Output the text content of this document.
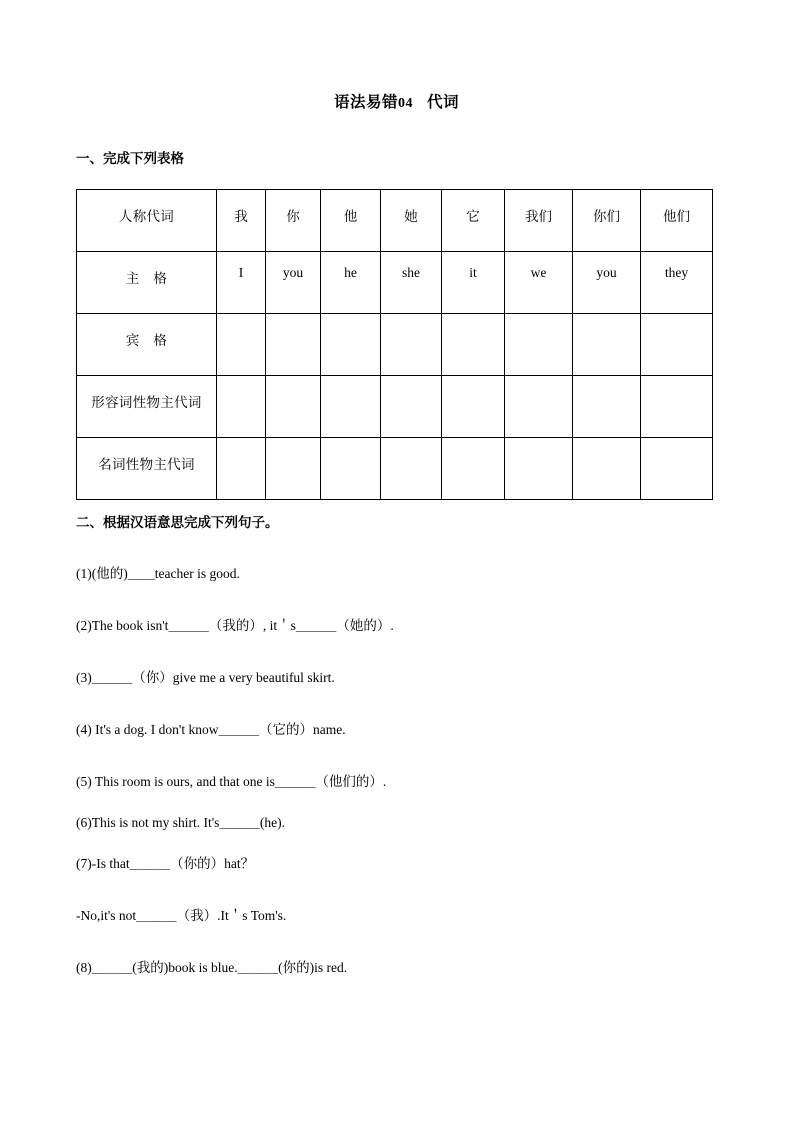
语法易错04 代词
一、完成下列表格
人称代词	我	你	他	她	它	我们	你们	他们

主　格	I	you	he	she	it	we	you	they

宾　格								

形容词性物主代词								

名词性物主代词								

二、根据汉语意思完成下列句子。
(1)(他的)＿＿teacher is good.
(2)The book isn't＿＿＿（我的）, it＇s＿＿＿（她的）.
(3)＿＿＿（你）give me a very beautiful skirt.
(4) It's a dog. I don't know＿＿＿（它的）name.
(5) This room is ours, and that one is＿＿＿（他们的）.
(6)This is not my shirt. It's＿＿＿(he).
(7)-Is that＿＿＿（你的）hat？
-No,it's not＿＿＿（我）.It＇s Tom's.
(8)＿＿＿(我的)book is blue.＿＿＿(你的)is red.
